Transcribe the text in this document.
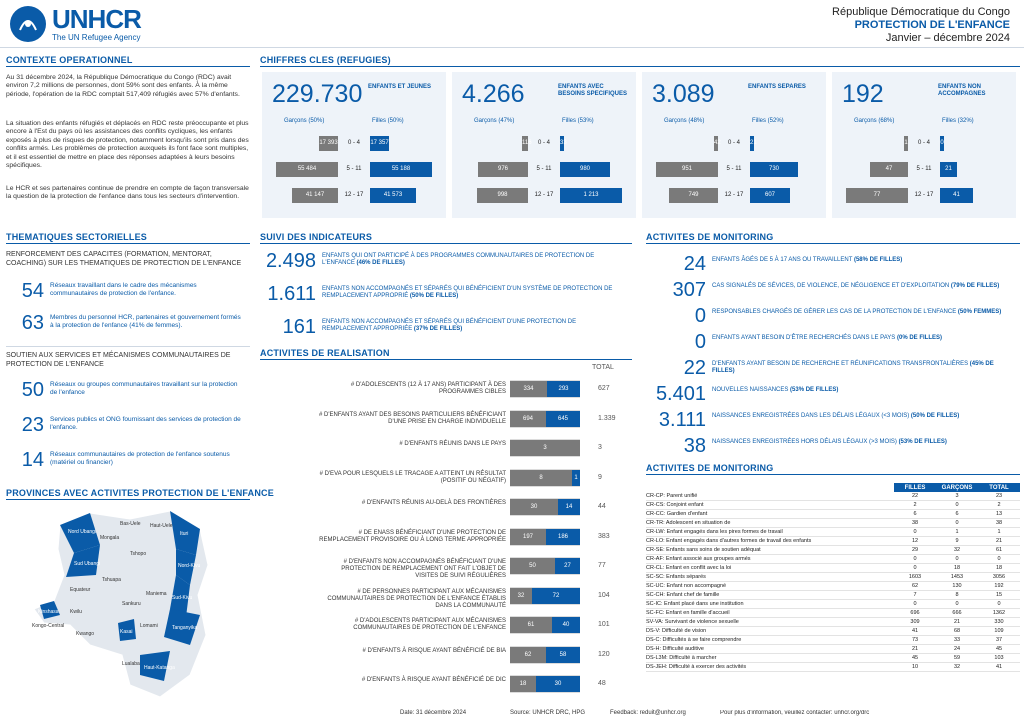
UNHCR
The UN Refugee Agency
République Démocratique du Congo
PROTECTION DE L'ENFANCE
Janvier – décembre 2024
CONTEXTE OPERATIONNEL
Au 31 décembre 2024, la République Démocratique du Congo (RDC) avait environ 7,2 millions de personnes, dont 59% sont des enfants. À la même période, l'opération de la RDC comptait 517,409 réfugiés avec 57% d'enfants.
La situation des enfants réfugiés et déplacés en RDC reste préoccupante et plus encore à l'Est du pays où les assistances des conflits cycliques, les enfants exposés à plus de risques de protection, notamment lorsqu'ils sont pris dans des conflits armés. Les problèmes de protection auxquels ils font face sont multiples, et il est essentiel de mettre en place des réponses adaptées à leurs besoins spécifiques.
Le HCR et ses partenaires continue de prendre en compte de façon transversale la question de la protection de l'enfance dans tous les secteurs d'intervention.
CHIFFRES CLES (REFUGIES)
229.730 ENFANTS ET JEUNES
Garçons (50%)	Filles (50%)
17 393	0 - 4	17 357
55 484	5 - 11	55 188
41 147	12 - 17	41 573
4.266	ENFANTS AVEC BESOINS SPECIFIQUES
Garçons (47%)	Filles (53%)
116	0 - 4	33
976	5 - 11	980
998	12 - 17	1 213
3.089	ENFANTS SEPARES
Garçons (48%)	Filles (52%)
42	0 - 4	21
951	5 - 11	730
749	12 - 17	607
192	ENFANTS NON ACCOMPAGNES
Garçons (68%)	Filles (32%)
1	0 - 4	0
47	5 - 11	21
77	12 - 17	41
THEMATIQUES SECTORIELLES
RENFORCEMENT DES CAPACITES (FORMATION, MENTORAT, COACHING) SUR LES THEMATIQUES DE PROTECTION DE L'ENFANCE
54 Réseaux travaillant dans le cadre des mécanismes communautaires de protection de l'enfance.
63 Membres du personnel HCR, partenaires et gouvernement formés à la protection de l'enfance (41% de femmes).
SOUTIEN AUX SERVICES ET MÉCANISMES COMMUNAUTAIRES DE PROTECTION DE L'ENFANCE
50 Réseaux ou groupes communautaires travaillant sur la protection de l'enfance
23 Services publics et ONG fournissant des services de protection de l'enfance.
14 Réseaux communautaires de protection de l'enfance soutenus (matériel ou financier)
PROVINCES AVEC ACTIVITES PROTECTION DE L'ENFANCE
Nord Ubangi
Sud Ubangi
Bas-Uele Haut-Uele
Tshopo
Ituri
Nord-Kivu
Sud-Kivu
Maniema
Mongala
Equateur
Tshuapa
Kinshasa
Kongo-Central
Kwilu
Kwango	Kasai
Lomami
Sankuru
Lualaba
Haut-Katanga
Tanganyika
SUIVI DES INDICATEURS
2.498 ENFANTS QUI ONT PARTICIPÉ À DES PROGRAMMES COMMUNAUTAIRES DE PROTECTION DE L'ENFANCE (46% DE FILLES)
1.611 ENFANTS NON ACCOMPAGNÉS ET SÉPARÉS QUI BÉNÉFICIENT D'UN SYSTÈME DE PROTECTION DE REMPLACEMENT APPROPRIÉ (50% DE FILLES)
161 ENFANTS NON ACCOMPAGNÉS ET SÉPARÉS QUI BÉNÉFICIENT D'UNE PROTECTION DE REMPLACEMENT APPROPRIÉE (37% DE FILLES)
ACTIVITES DE REALISATION
TOTAL
# D'ADOLESCENTS (12 À 17 ANS) PARTICIPANT À DES PROGRAMMES CIBLES	334	293	627
# D'ENFANTS AYANT DES BESOINS PARTICULIERS BÉNÉFICIANT D'UNE PRISE EN CHARGE INDIVIDUELLE	694	645	1.339
# D'ENFANTS RÉUNIS DANS LE PAYS
3	0 3
# D'EVA POUR LESQUELS LE TRACAGE A ATTEINT UN RÉSULTAT (POSITIF OU NÉGATIF)	8	1	9
# D'ENFANTS RÉUNIS AU-DELÀ DES FRONTIÈRES
30	14	44
# DE ENASS BÉNÉFICIANT D'UNE PROTECTION DE REMPLACEMENT PROVISOIRE OU À LONG TERME APPROPRIÉE	197	186	383
# D'ENFANTS NON ACCOMPAGNÉS BÉNÉFICIANT D'UNE PROTECTION DE REMPLACEMENT ONT FAIT L'OBJET DE VISITES DE SUIVI RÉGULIÈRES
50	27	77
# DE PERSONNES PARTICIPANT AUX MÉCANISMES COMMUNAUTAIRES DE PROTECTION DE L'ENFANCE ÉTABLIS DANS LA COMMUNAUTÉ
32	72	104
# D'ADOLESCENTS PARTICIPANT AUX MÉCANISMES COMMUNAUTAIRES DE PROTECTION DE L'ENFANCE	61	40	101
# D'ENFANTS À RISQUE AYANT BÉNÉFICIÉ DE BIA
62	58	120
# D'ENFANTS À RISQUE AYANT BÉNÉFICIÉ DE DIC
18	30	48
ACTIVITES DE MONITORING
24 ENFANTS ÂGÉS DE 5 À 17 ANS OU TRAVAILLENT (58% DE FILLES)
307 CAS SIGNALÉS DE SÉVICES, DE VIOLENCE, DE NÉGLIGENCE ET D'EXPLOITATION (79% DE FILLES)
0 RESPONSABLES CHARGÉS DE GÉRER LES CAS DE LA PROTECTION DE L'ENFANCE (50% FEMMES)
0 ENFANTS AYANT BESOIN D'ÊTRE RECHERCHÉS DANS LE PAYS (0% DE FILLES)
22 D'ENFANTS AYANT BESOIN DE RECHERCHE ET RÉUNIFICATIONS TRANSFRONTALIÈRES (45% DE FILLES)
5.401 NOUVELLES NAISSANCES (53% DE FILLES)
3.111 NAISSANCES ENREGISTRÉES DANS LES DÉLAIS LÉGAUX (<3 MOIS) (50% DE FILLES)
38 NAISSANCES ENREGISTRÉES HORS DÉLAIS LÉGAUX (>3 MOIS) (53% DE FILLES)
ACTIVITES DE MONITORING
	FILLES	GARÇONS	TOTAL
CR-CP: Parent unifié	22	3	23
CR-CS: Conjoint enfant	2	0	2
CR-CC: Gardien d'enfant	6	6	13
CR-TR: Adolescent en situation de	38	0	38
CR-LW: Enfant engagés dans les pires formes de travail	0	1	1
CR-LO: Enfant engagés dans d'autres formes de travail des enfants	12	9	21
CR-SE: Enfants sans soins de soutien adéquat	29	32	61
CR-AF: Enfant associé aux groupes armés	0	0	0
CR-CL: Enfant en conflit avec la loi	0	18	18
SC-SC: Enfants séparés	1603	1453	3056
SC-UC: Enfant non accompagné	62	130	192
SC-CH: Enfant chef de famille	7	8	15
SC-IC: Enfant placé dans une institution	0	0	0
SC-FC: Enfant en famille d'accueil	696	666	1362
SV-VA: Survivant de violence sexuelle	309	21	330
DS-V: Difficulté de vision	41	68	109
DS-C: Difficultés à se faire comprendre	73	33	37
DS-H: Difficulté auditive	21	24	45
DS-L3M: Difficulté à marcher	45	59	103
DS-JEH: Difficulté à exercer des activités	10	32	41
Date: 31 décembre 2024	Source: UNHCR DRC, HPG	Feedback: reduit@unhcr.org	Pour plus d'information, veuillez contacter: unhcr.org/drc
